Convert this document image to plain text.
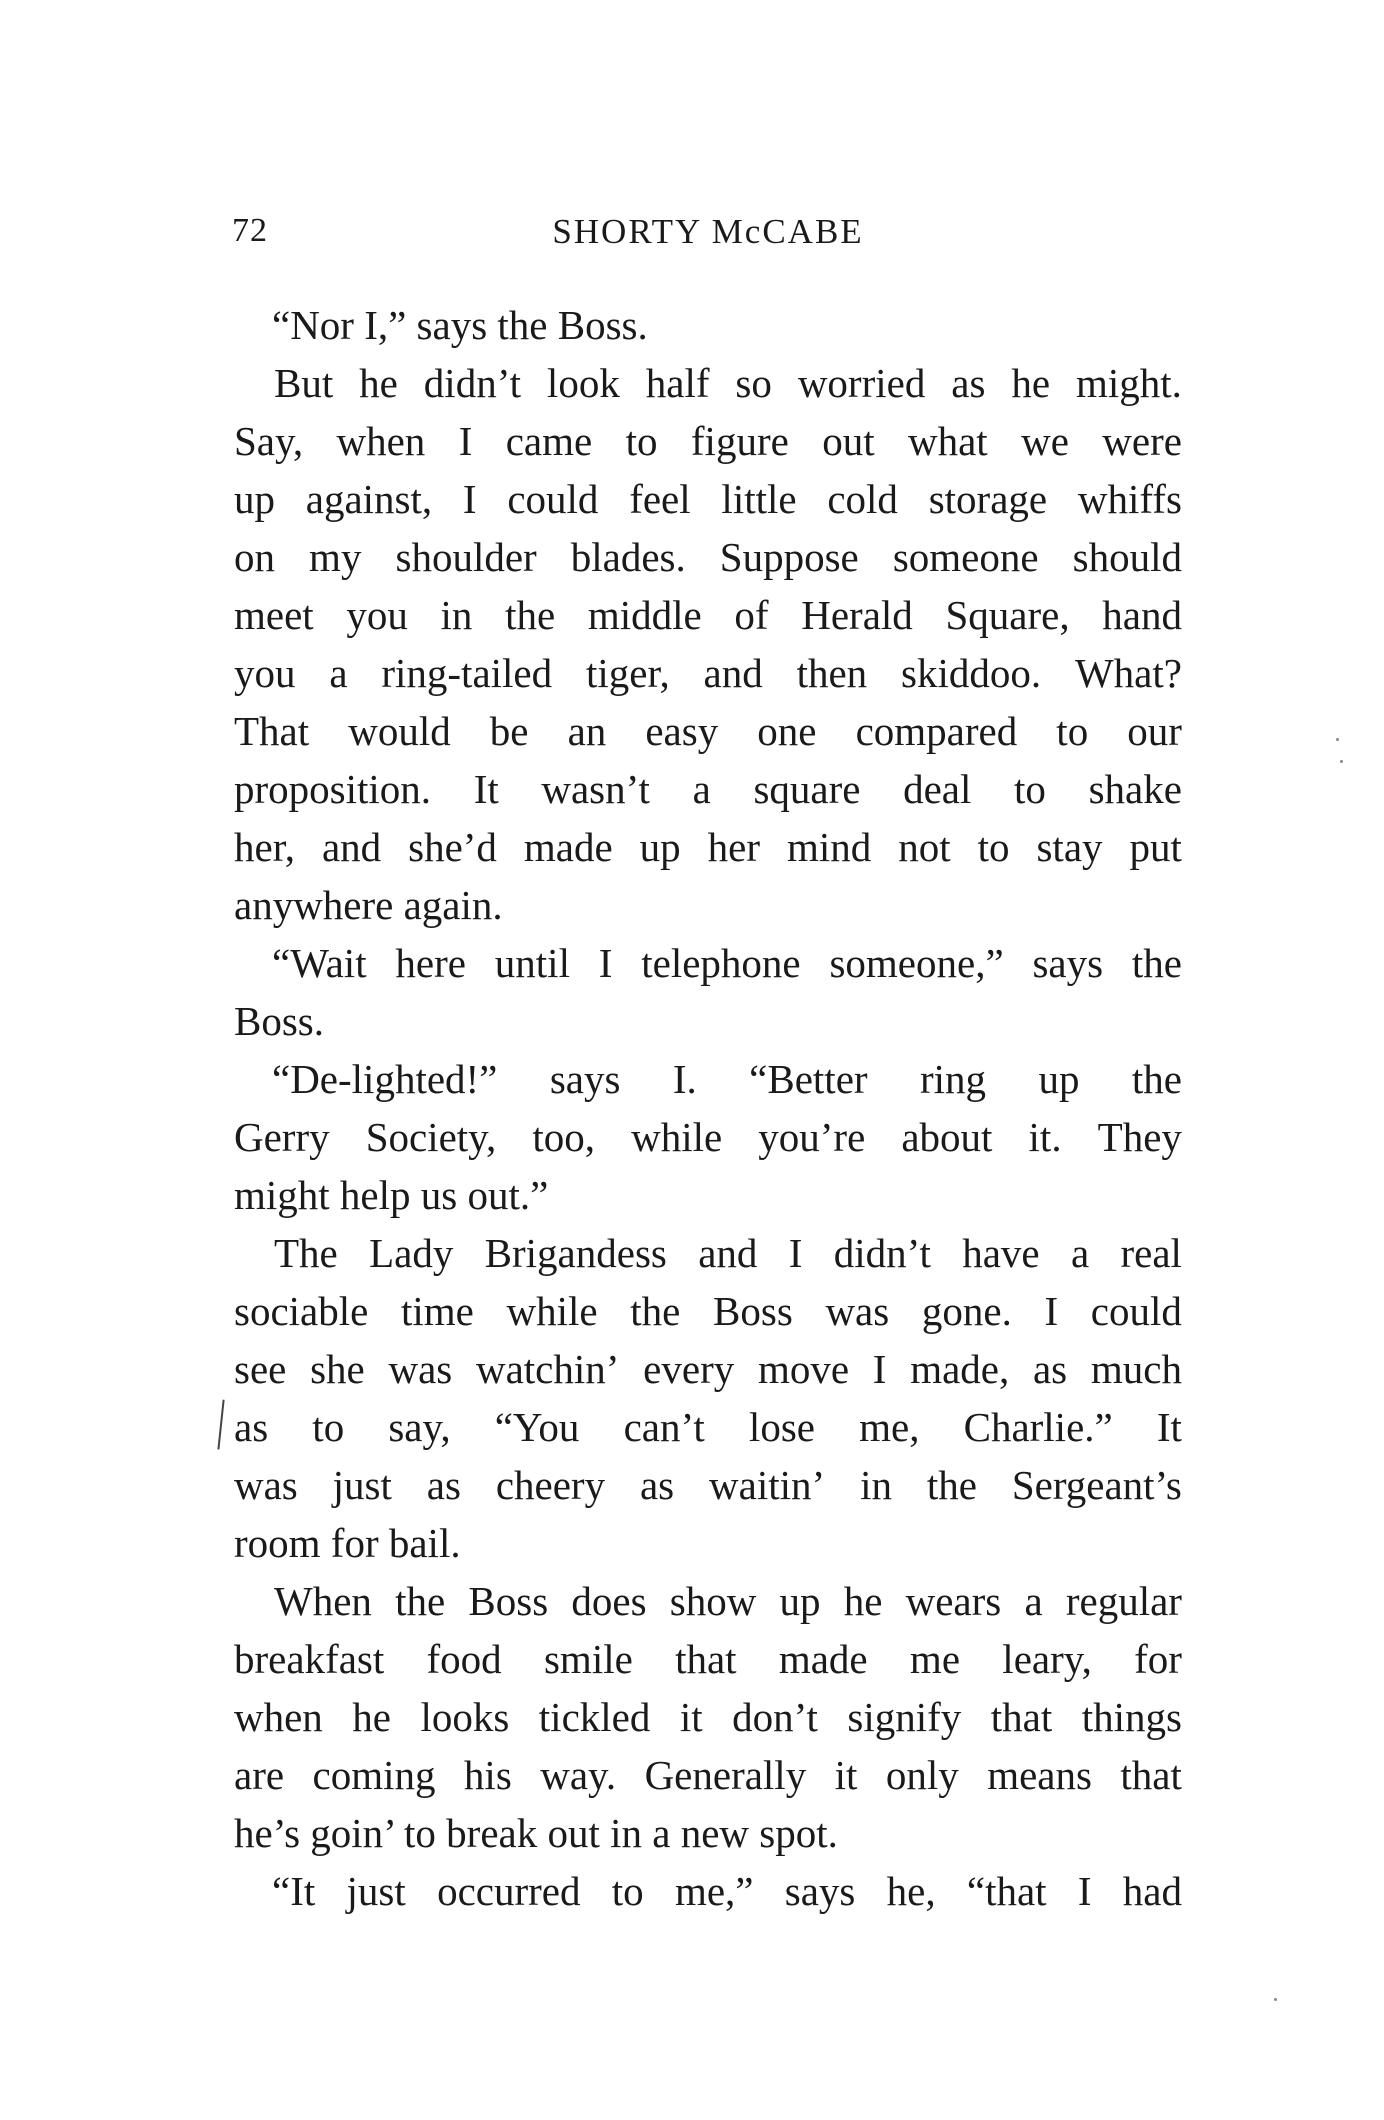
SHORTY McCABE
72
“Nor I,” says the Boss.
But he didn’t look half so worried as he might.
Say, when I came to figure out what we were
up against, I could feel little cold storage whiffs
on my shoulder blades. Suppose someone should
meet you in the middle of Herald Square, hand
you a ring-tailed tiger, and then skiddoo. What?
That would be an easy one compared to our
proposition. It wasn’t a square deal to shake
her, and she’d made up her mind not to stay put
anywhere again.
“Wait here until I telephone someone,” says the
Boss.
“De-lighted!” says I. “Better ring up the
Gerry Society, too, while you’re about it. They
might help us out.”
The Lady Brigandess and I didn’t have a real
sociable time while the Boss was gone. I could
see she was watchin’ every move I made, as much
as to say, “You can’t lose me, Charlie.” It
was just as cheery as waitin’ in the Sergeant’s
room for bail.
When the Boss does show up he wears a regular
breakfast food smile that made me leary, for
when he looks tickled it don’t signify that things
are coming his way. Generally it only means that
he’s goin’ to break out in a new spot.
“It just occurred to me,” says he, “that I had
